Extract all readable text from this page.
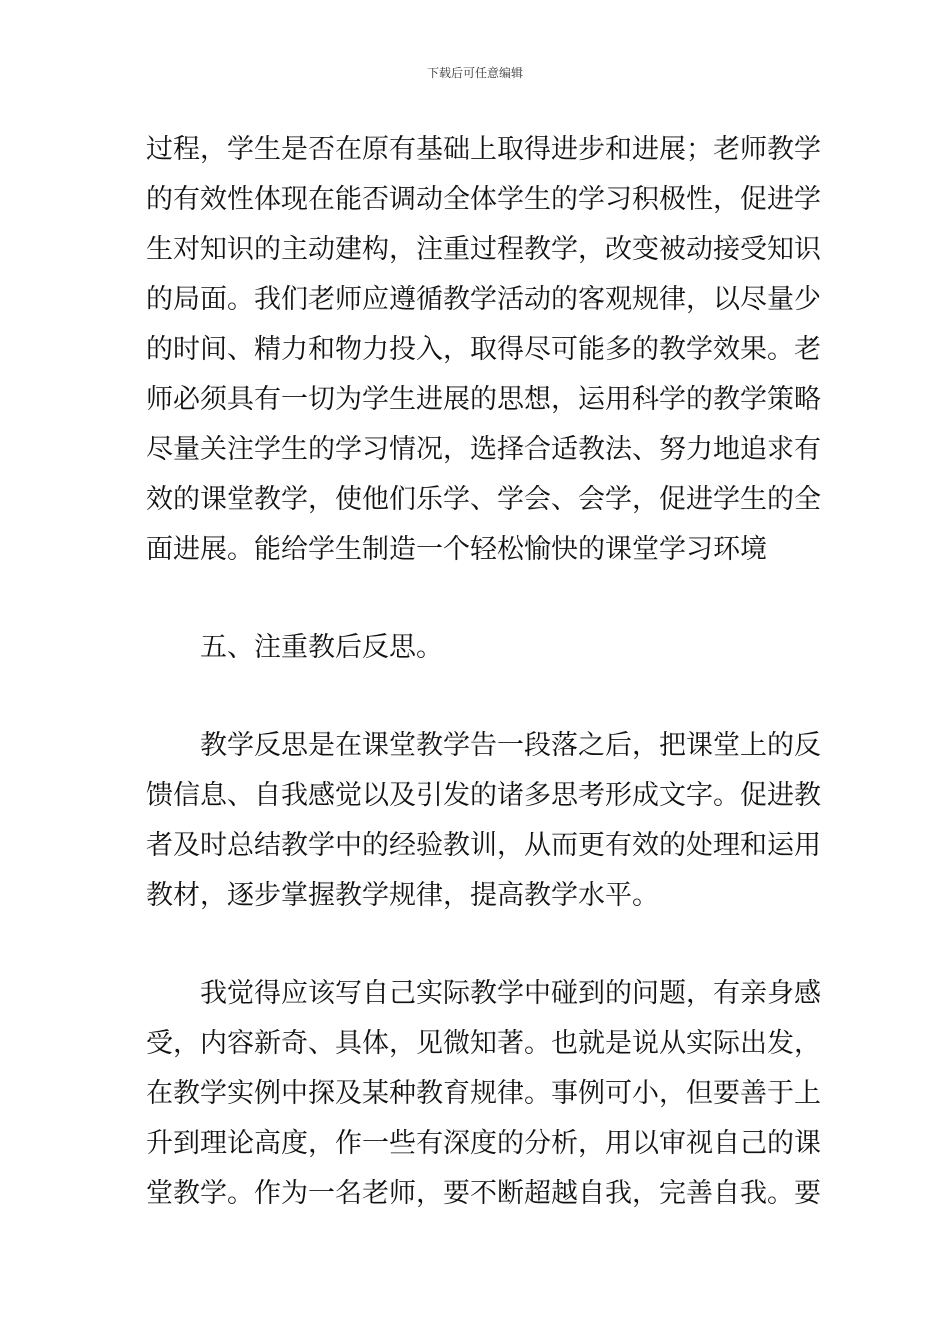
下载后可任意编辑
过程，学生是否在原有基础上取得进步和进展；老师教学
的有效性体现在能否调动全体学生的学习积极性，促进学
生对知识的主动建构，注重过程教学，改变被动接受知识
的局面。我们老师应遵循教学活动的客观规律，以尽量少
的时间、精力和物力投入，取得尽可能多的教学效果。老
师必须具有一切为学生进展的思想，运用科学的教学策略
尽量关注学生的学习情况，选择合适教法、努力地追求有
效的课堂教学，使他们乐学、学会、会学，促进学生的全
面进展。能给学生制造一个轻松愉快的课堂学习环境
五、注重教后反思。
教学反思是在课堂教学告一段落之后，把课堂上的反
馈信息、自我感觉以及引发的诸多思考形成文字。促进教
者及时总结教学中的经验教训，从而更有效的处理和运用
教材，逐步掌握教学规律，提高教学水平。
我觉得应该写自己实际教学中碰到的问题，有亲身感
受，内容新奇、具体，见微知著。也就是说从实际出发，
在教学实例中探及某种教育规律。事例可小，但要善于上
升到理论高度，作一些有深度的分析，用以审视自己的课
堂教学。作为一名老师，要不断超越自我，完善自我。要
